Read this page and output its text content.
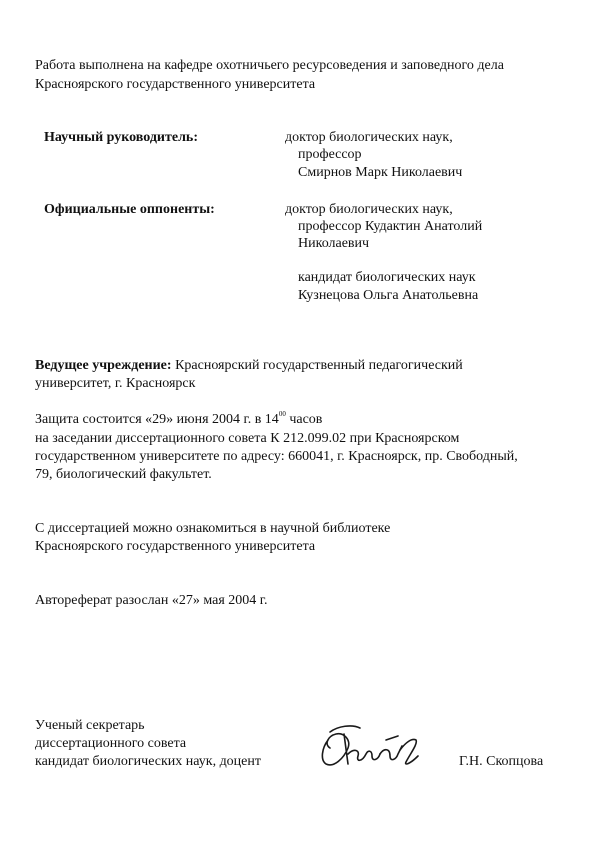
Работа выполнена на кафедре охотничьего ресурсоведения и заповедного дела
Красноярского государственного университета
Научный руководитель:	доктор биологических наук,
профессор
Смирнов Марк Николаевич
Официальные оппоненты:	доктор биологических наук,
профессор Кудактин Анатолий
Николаевич
кандидат биологических наук
Кузнецова Ольга Анатольевна
Ведущее учреждение: Красноярский государственный педагогический
университет, г. Красноярск
Защита состоится «29» июня 2004 г. в $14^{00}$ часов
на заседании диссертационного совета К 212.099.02 при Красноярском
государственном университете по адресу: 660041, г. Красноярск, пр. Свободный,
79, биологический факультет.
С диссертацией можно ознакомиться в научной библиотеке
Красноярского государственного университета
Автореферат разослан «27» мая 2004 г.
Ученый секретарь
диссертационного совета
кандидат биологических наук, доцент	Г.Н. Скопцова
